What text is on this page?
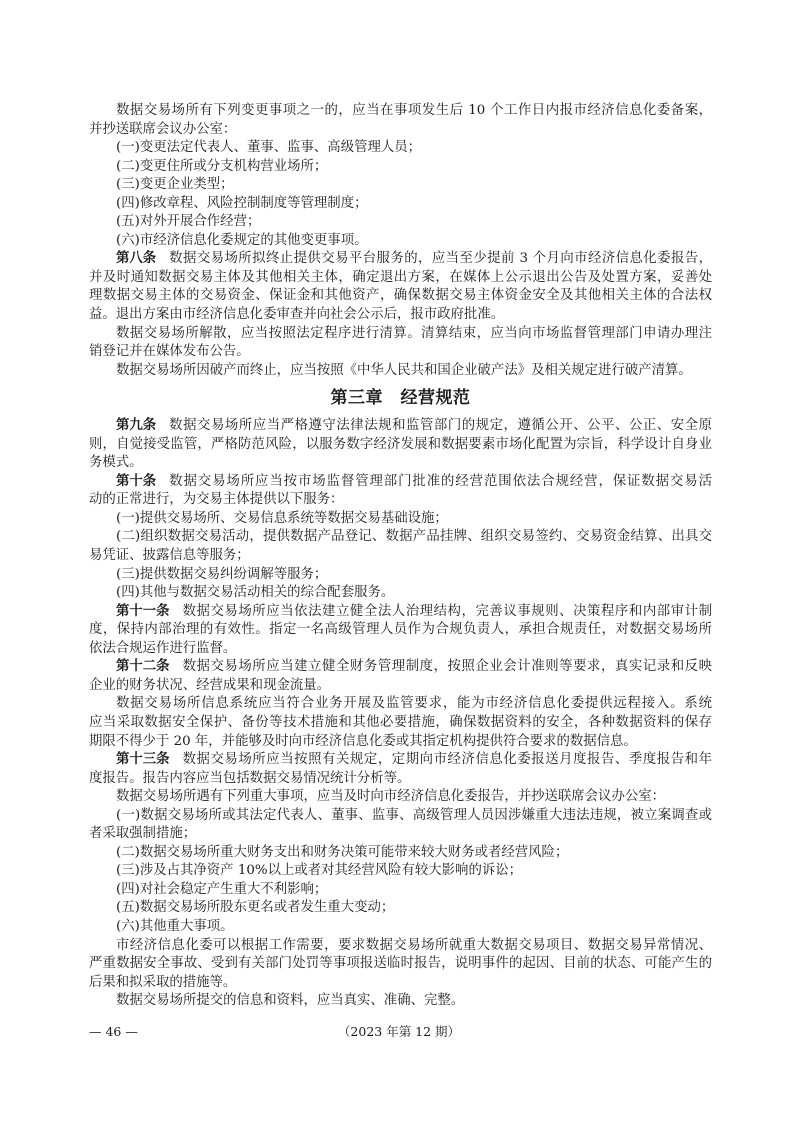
数据交易场所有下列变更事项之一的，应当在事项发生后 10 个工作日内报市经济信息化委备案，
并抄送联席会议办公室：
(一)变更法定代表人、董事、监事、高级管理人员；
(二)变更住所或分支机构营业场所；
(三)变更企业类型；
(四)修改章程、风险控制制度等管理制度；
(五)对外开展合作经营；
(六)市经济信息化委规定的其他变更事项。
第八条 数据交易场所拟终止提供交易平台服务的，应当至少提前 3 个月向市经济信息化委报告，
并及时通知数据交易主体及其他相关主体，确定退出方案，在媒体上公示退出公告及处置方案，妥善处
理数据交易主体的交易资金、保证金和其他资产，确保数据交易主体资金安全及其他相关主体的合法权
益。退出方案由市经济信息化委审查并向社会公示后，报市政府批准。
数据交易场所解散，应当按照法定程序进行清算。清算结束，应当向市场监督管理部门申请办理注
销登记并在媒体发布公告。
数据交易场所因破产而终止，应当按照《中华人民共和国企业破产法》及相关规定进行破产清算。
第三章　经营规范
第九条 数据交易场所应当严格遵守法律法规和监管部门的规定，遵循公开、公平、公正、安全原
则，自觉接受监管，严格防范风险，以服务数字经济发展和数据要素市场化配置为宗旨，科学设计自身业
务模式。
第十条 数据交易场所应当按市场监督管理部门批准的经营范围依法合规经营，保证数据交易活
动的正常进行，为交易主体提供以下服务：
(一)提供交易场所、交易信息系统等数据交易基础设施；
(二)组织数据交易活动，提供数据产品登记、数据产品挂牌、组织交易签约、交易资金结算、出具交
易凭证、披露信息等服务；
(三)提供数据交易纠纷调解等服务；
(四)其他与数据交易活动相关的综合配套服务。
第十一条 数据交易场所应当依法建立健全法人治理结构，完善议事规则、决策程序和内部审计制
度，保持内部治理的有效性。指定一名高级管理人员作为合规负责人，承担合规责任，对数据交易场所
依法合规运作进行监督。
第十二条 数据交易场所应当建立健全财务管理制度，按照企业会计准则等要求，真实记录和反映
企业的财务状况、经营成果和现金流量。
数据交易场所信息系统应当符合业务开展及监管要求，能为市经济信息化委提供远程接入。系统
应当采取数据安全保护、备份等技术措施和其他必要措施，确保数据资料的安全，各种数据资料的保存
期限不得少于 20 年，并能够及时向市经济信息化委或其指定机构提供符合要求的数据信息。
第十三条 数据交易场所应当按照有关规定，定期向市经济信息化委报送月度报告、季度报告和年
度报告。报告内容应当包括数据交易情况统计分析等。
数据交易场所遇有下列重大事项，应当及时向市经济信息化委报告，并抄送联席会议办公室：
(一)数据交易场所或其法定代表人、董事、监事、高级管理人员因涉嫌重大违法违规，被立案调查或
者采取强制措施；
(二)数据交易场所重大财务支出和财务决策可能带来较大财务或者经营风险；
(三)涉及占其净资产 10%以上或者对其经营风险有较大影响的诉讼；
(四)对社会稳定产生重大不利影响；
(五)数据交易场所股东更名或者发生重大变动；
(六)其他重大事项。
市经济信息化委可以根据工作需要，要求数据交易场所就重大数据交易项目、数据交易异常情况、
严重数据安全事故、受到有关部门处罚等事项报送临时报告，说明事件的起因、目前的状态、可能产生的
后果和拟采取的措施等。
数据交易场所提交的信息和资料，应当真实、准确、完整。
— 46 —	（2023 年第 12 期）
